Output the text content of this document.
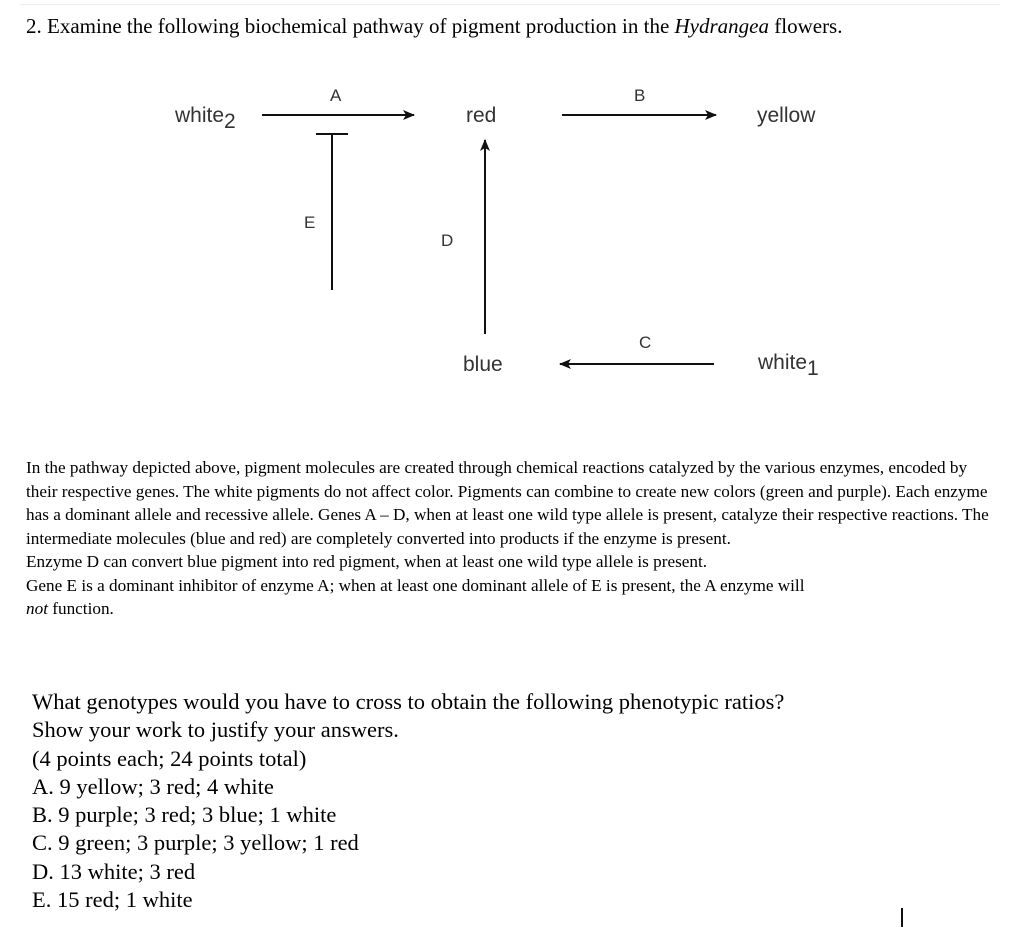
2. Examine the following biochemical pathway of pigment production in the Hydrangea flowers.
white2	red	yellow
blue	white1
A	B
C
D
E

In the pathway depicted above, pigment molecules are created through chemical reactions catalyzed by the various enzymes, encoded by their respective genes. The white pigments do not affect color. Pigments can combine to create new colors (green and purple). Each enzyme has a dominant allele and recessive allele. Genes A – D, when at least one wild type allele is present, catalyze their respective reactions. The intermediate molecules (blue and red) are completely converted into products if the enzyme is present.

Enzyme D can convert blue pigment into red pigment, when at least one wild type allele is present.

Gene E is a dominant inhibitor of enzyme A; when at least one dominant allele of E is present, the A enzyme will
not function.

What genotypes would you have to cross to obtain the following phenotypic ratios?

Show your work to justify your answers.

(4 points each; 24 points total)

A. 9 yellow; 3 red; 4 white

B. 9 purple; 3 red; 3 blue; 1 white

C. 9 green; 3 purple; 3 yellow; 1 red

D. 13 white; 3 red

E. 15 red; 1 white
